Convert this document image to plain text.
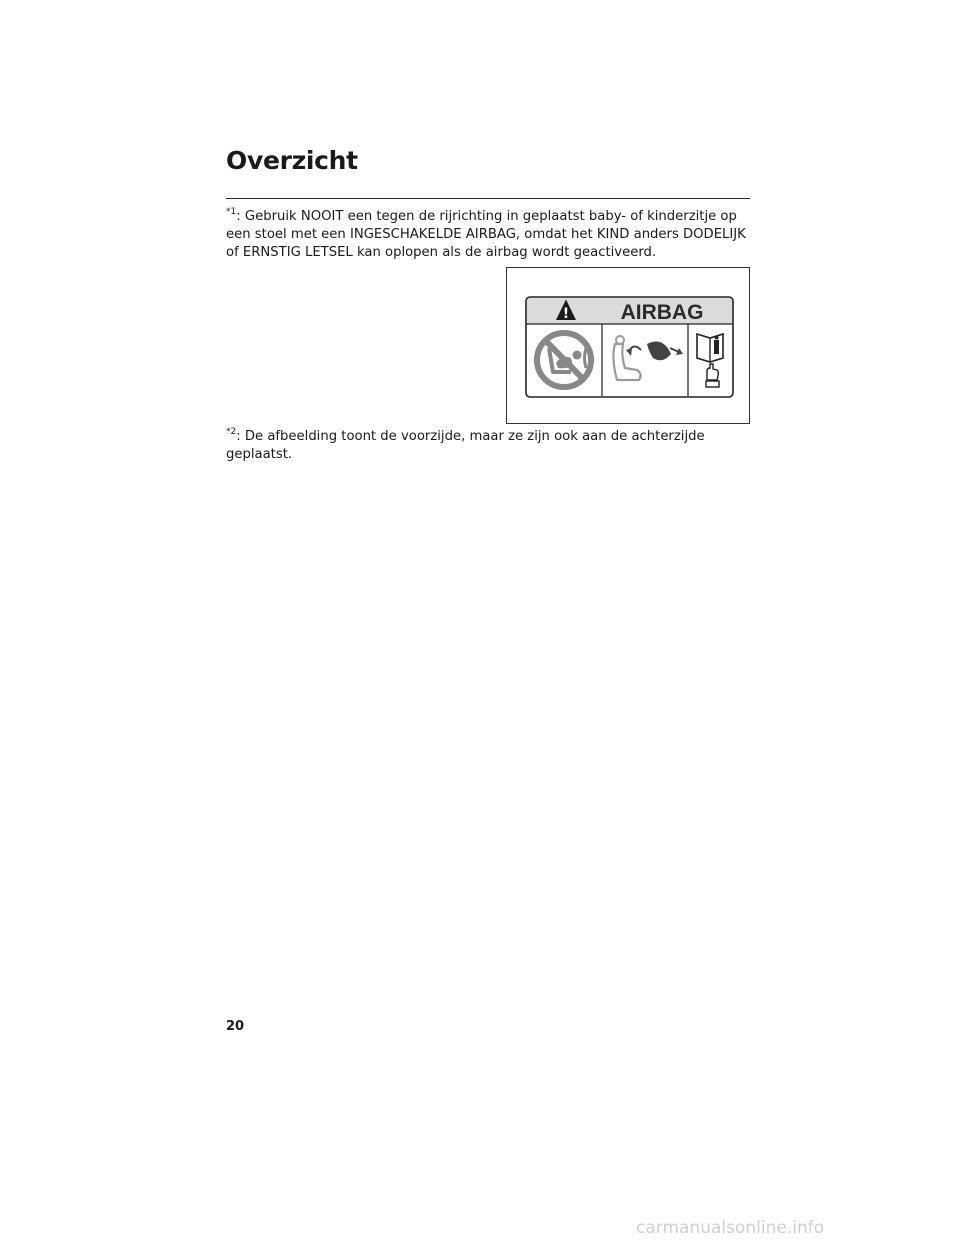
Overzicht
$^{*1}$: Gebruik NOOIT een tegen de rijrichting in geplaatst baby- of kinderzitje op een stoel met een INGESCHAKELDE AIRBAG, omdat het KIND anders DODELIJK of ERNSTIG LETSEL kan oplopen als de airbag wordt geactiveerd.
! AIRBAG
$^{*2}$: De afbeelding toont de voorzijde, maar ze zijn ook aan de achterzijde geplaatst.
20
carmanualsonline.info
